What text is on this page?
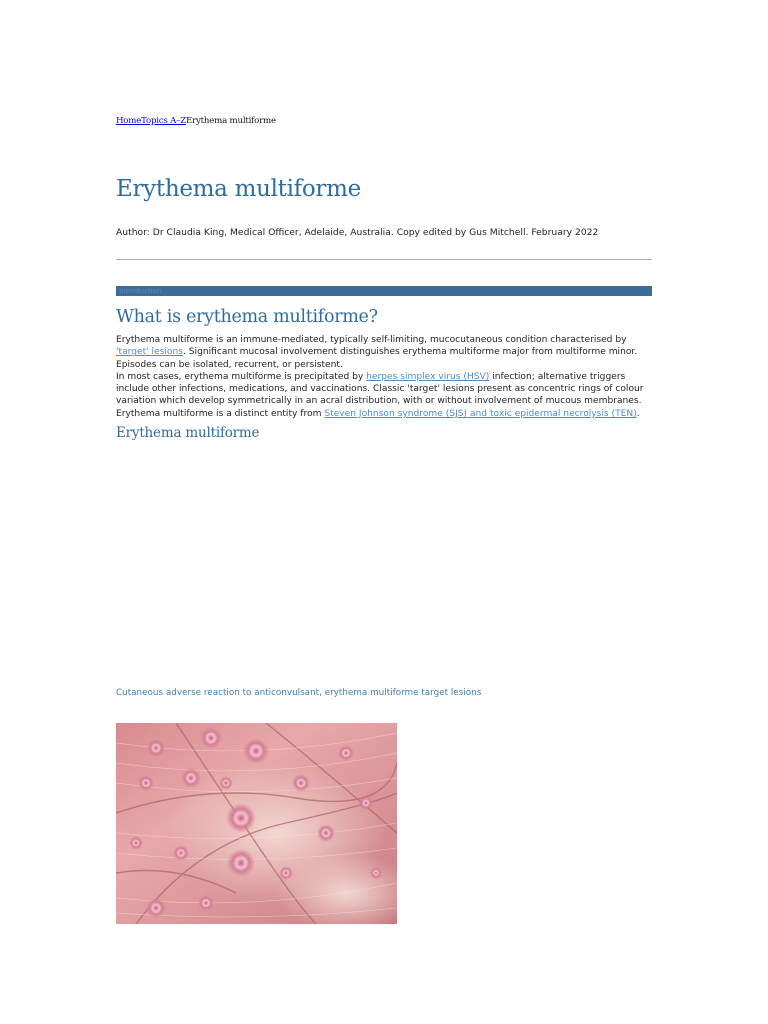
HomeTopics A–ZErythema multiforme
Erythema multiforme
Author: Dr Claudia King, Medical Officer, Adelaide, Australia. Copy edited by Gus Mitchell. February 2022
Introduction
What is erythema multiforme?

Erythema multiforme is an immune-mediated, typically self-limiting, mucocutaneous condition characterised by 'target' lesions. Significant mucosal involvement distinguishes erythema multiforme major from multiforme minor.

Episodes can be isolated, recurrent, or persistent.

In most cases, erythema multiforme is precipitated by herpes simplex virus (HSV) infection; alternative triggers include other infections, medications, and vaccinations. Classic 'target' lesions present as concentric rings of colour variation which develop symmetrically in an acral distribution, with or without involvement of mucous membranes.

Erythema multiforme is a distinct entity from Steven Johnson syndrome (SJS) and toxic epidermal necrolysis (TEN).

Erythema multiforme
Cutaneous adverse reaction to anticonvulsant, erythema multiforme target lesions
